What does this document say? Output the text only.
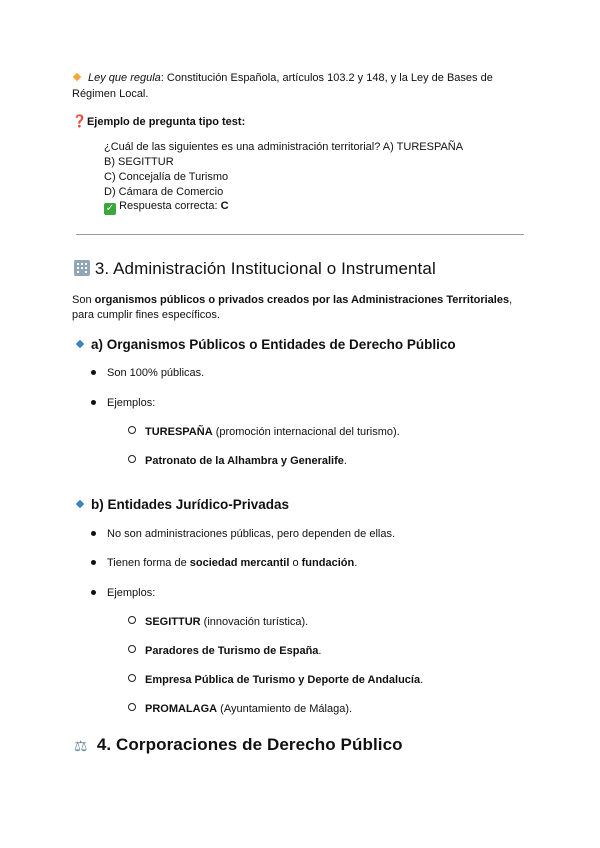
Ley que regula: Constitución Española, artículos 103.2 y 148, y la Ley de Bases de
Régimen Local.
❓Ejemplo de pregunta tipo test:
¿Cuál de las siguientes es una administración territorial? A) TURESPAÑA
B) SEGITTUR
C) Concejalía de Turismo
D) Cámara de Comercio
✓ Respuesta correcta: C
3. Administración Institucional o Instrumental
Son organismos públicos o privados creados por las Administraciones Territoriales,
para cumplir fines específicos.
a) Organismos Públicos o Entidades de Derecho Público
Son 100% públicas.
Ejemplos:
TURESPAÑA (promoción internacional del turismo).
Patronato de la Alhambra y Generalife.
b) Entidades Jurídico-Privadas
No son administraciones públicas, pero dependen de ellas.
Tienen forma de sociedad mercantil o fundación.
Ejemplos:
SEGITTUR (innovación turística).
Paradores de Turismo de España.
Empresa Pública de Turismo y Deporte de Andalucía.
PROMALAGA (Ayuntamiento de Málaga).
⚖ 4. Corporaciones de Derecho Público
